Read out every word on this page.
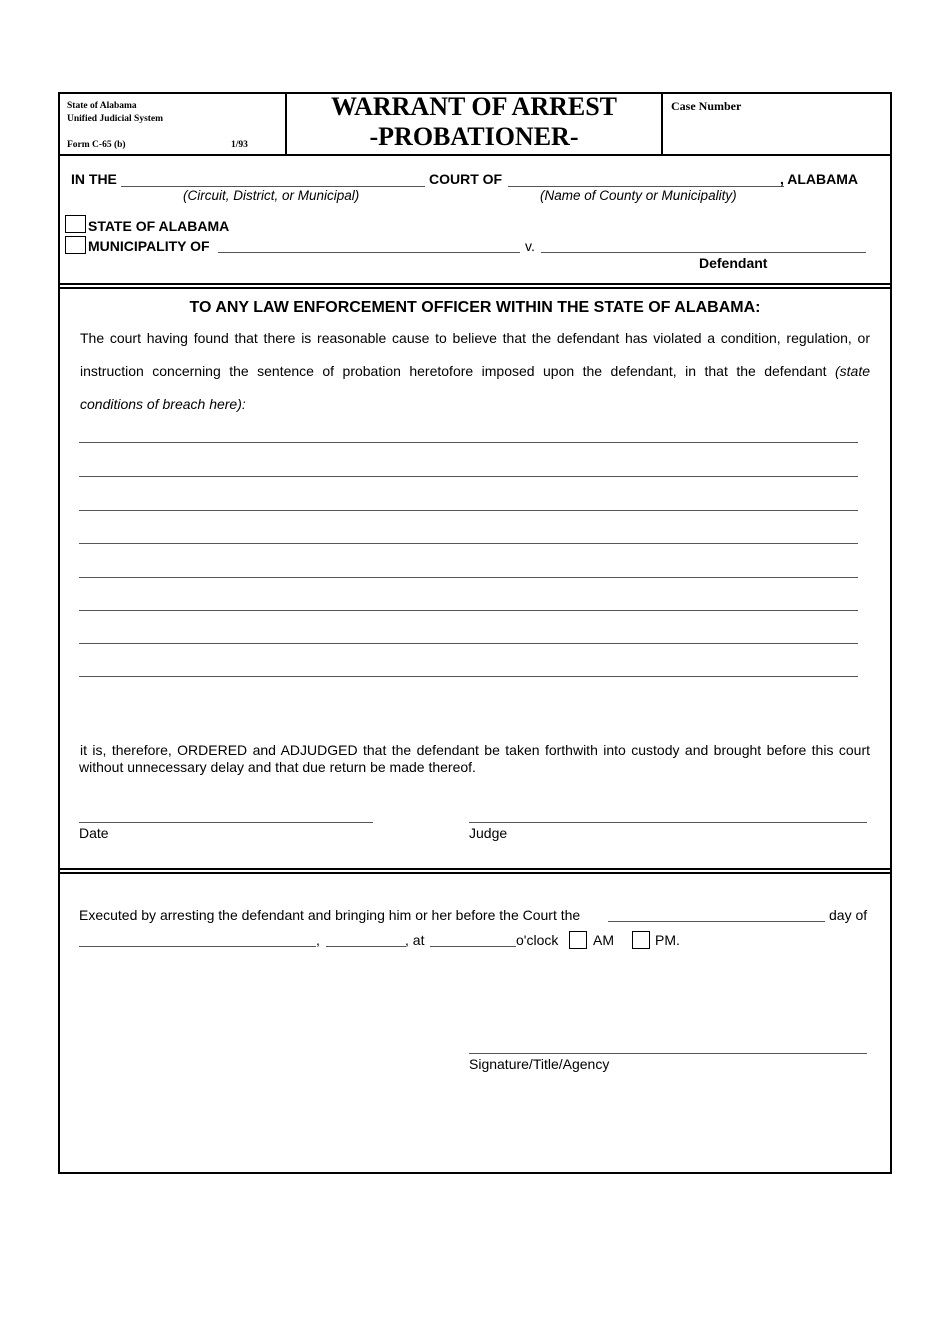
State of Alabama
Unified Judicial System
Form C-65 (b)	1/93
WARRANT OF ARREST
-PROBATIONER-
Case Number
IN THE	COURT OF	, ALABAMA
(Circuit, District, or Municipal)	(Name of County or Municipality)
STATE OF ALABAMA
MUNICIPALITY OF	v.
Defendant
TO ANY LAW ENFORCEMENT OFFICER WITHIN THE STATE OF ALABAMA:
The court having found that there is reasonable cause to believe that the defendant has violated a condition, regulation, or
instruction concerning the sentence of probation heretofore imposed upon the defendant, in that the defendant (state
conditions of breach here):
it is, therefore, ORDERED and ADJUDGED that the defendant be taken forthwith into custody and brought before this court
without unnecessary delay and that due return be made thereof.
Date	Judge
Executed by arresting the defendant and bringing him or her before the Court the	day of
,	, at	o'clock AM	PM.
Signature/Title/Agency
